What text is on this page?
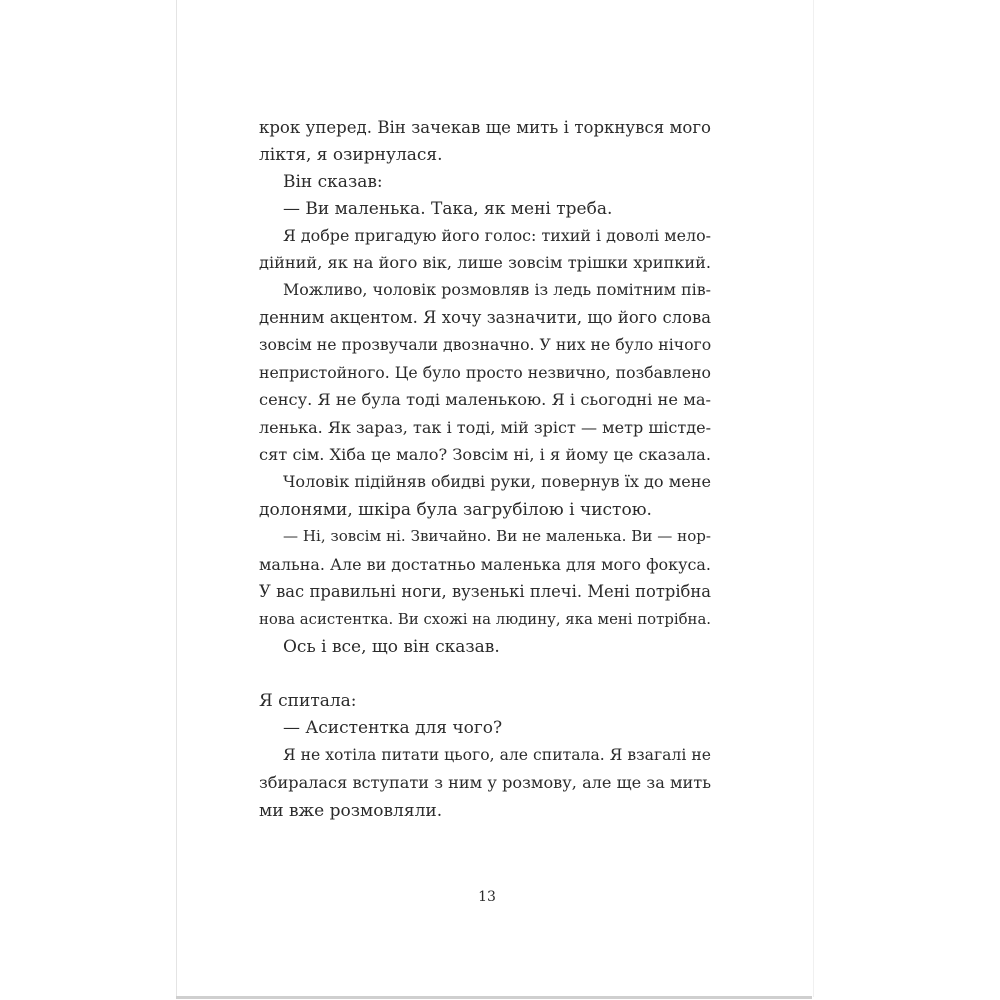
крок уперед. Він зачекав ще мить і торкнувся мого
ліктя, я озирнулася.
Він сказав:
— Ви маленька. Така, як мені треба.
Я добре пригадую його голос: тихий і доволі мело-
дійний, як на його вік, лише зовсім трішки хрипкий.
Можливо, чоловік розмовляв із ледь помітним пів-
денним акцентом. Я хочу зазначити, що його слова
зовсім не прозвучали двозначно. У них не було нічого
непристойного. Це було просто незвично, позбавлено
сенсу. Я не була тоді маленькою. Я і сьогодні не ма-
ленька. Як зараз, так і тоді, мій зріст — метр шістде-
сят сім. Хіба це мало? Зовсім ні, і я йому це сказала.
Чоловік підійняв обидві руки, повернув їх до мене
долонями, шкіра була загрубілою і чистою.
— Ні, зовсім ні. Звичайно. Ви не маленька. Ви — нор-
мальна. Але ви достатньо маленька для мого фокуса.
У вас правильні ноги, вузенькі плечі. Мені потрібна
нова асистентка. Ви схожі на людину, яка мені потрібна.
Ось і все, що він сказав.
Я спитала:
— Асистентка для чого?
Я не хотіла питати цього, але спитала. Я взагалі не
збиралася вступати з ним у розмову, але ще за мить
ми вже розмовляли.
13
